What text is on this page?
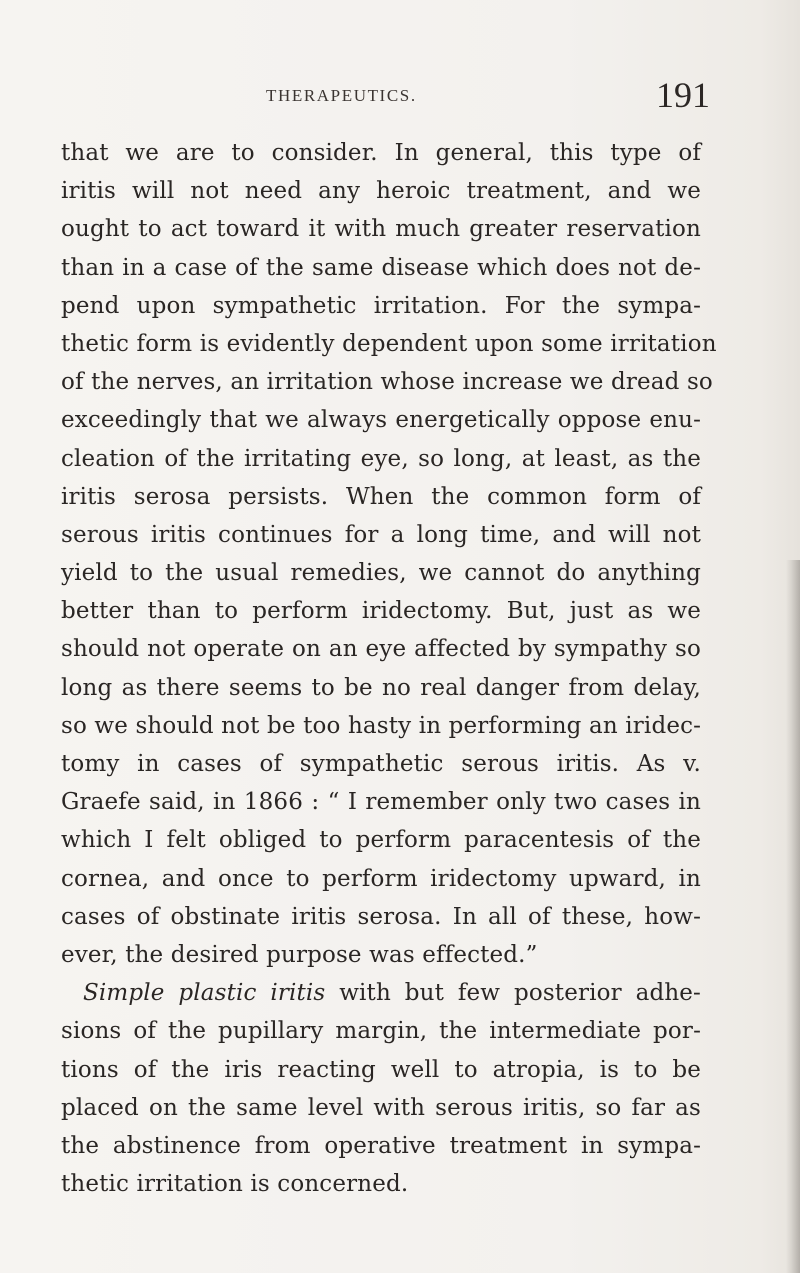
THERAPEUTICS.	191
that we are to consider. In general, this type of
iritis will not need any heroic treatment, and we
ought to act toward it with much greater reservation
than in a case of the same disease which does not de-
pend upon sympathetic irritation. For the sympa-
thetic form is evidently dependent upon some irritation
of the nerves, an irritation whose increase we dread so
exceedingly that we always energetically oppose enu-
cleation of the irritating eye, so long, at least, as the
iritis serosa persists. When the common form of
serous iritis continues for a long time, and will not
yield to the usual remedies, we cannot do anything
better than to perform iridectomy. But, just as we
should not operate on an eye affected by sympathy so
long as there seems to be no real danger from delay,
so we should not be too hasty in performing an iridec-
tomy in cases of sympathetic serous iritis. As v.
Graefe said, in 1866 : “ I remember only two cases in
which I felt obliged to perform paracentesis of the
cornea, and once to perform iridectomy upward, in
cases of obstinate iritis serosa. In all of these, how-
ever, the desired purpose was effected.”
Simple plastic iritis with but few posterior adhe-
sions of the pupillary margin, the intermediate por-
tions of the iris reacting well to atropia, is to be
placed on the same level with serous iritis, so far as
the abstinence from operative treatment in sympa-
thetic irritation is concerned.
